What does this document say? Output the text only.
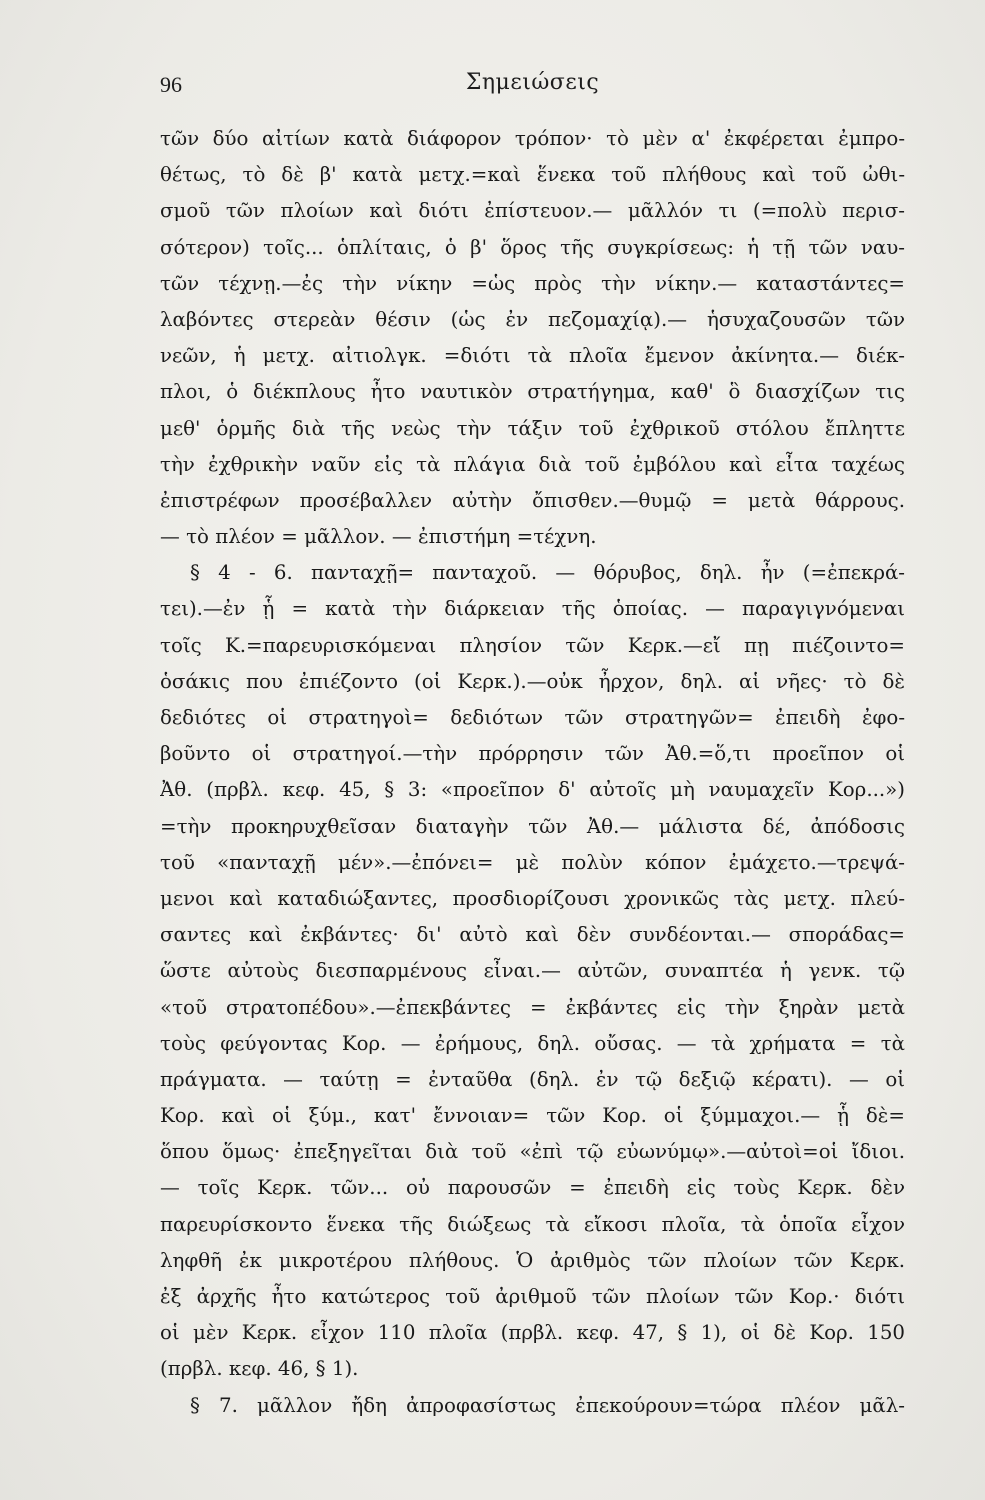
96	Σημειώσεις
τῶν δύο αἰτίων κατὰ διάφορον τρόπον· τὸ μὲν α' ἐκφέρεται ἐμπρο-
θέτως, τὸ δὲ β' κατὰ μετχ.=καὶ ἕνεκα τοῦ πλήθους καὶ τοῦ ὠθι-
σμοῦ τῶν πλοίων καὶ διότι ἐπίστευον.— μᾶλλόν τι (=πολὺ περισ-
σότερον) τοῖς... ὁπλίταις, ὁ β' ὅρος τῆς συγκρίσεως: ἡ τῇ τῶν ναυ-
τῶν τέχνῃ.—ἐς τὴν νίκην =ὡς πρὸς τὴν νίκην.— καταστάντες=
λαβόντες στερεὰν θέσιν (ὡς ἐν πεζομαχίᾳ).— ἡσυχαζουσῶν τῶν
νεῶν, ἡ μετχ. αἰτιολγκ. =διότι τὰ πλοῖα ἔμενον ἀκίνητα.— διέκ-
πλοι, ὁ διέκπλους ἦτο ναυτικὸν στρατήγημα, καθ' ὃ διασχίζων τις
μεθ' ὁρμῆς διὰ τῆς νεὼς τὴν τάξιν τοῦ ἐχθρικοῦ στόλου ἔπληττε
τὴν ἐχθρικὴν ναῦν εἰς τὰ πλάγια διὰ τοῦ ἐμβόλου καὶ εἶτα ταχέως
ἐπιστρέφων προσέβαλλεν αὐτὴν ὄπισθεν.—θυμῷ = μετὰ θάρρους.
— τὸ πλέον = μᾶλλον. — ἐπιστήμη =τέχνη.
§ 4 - 6. πανταχῇ= πανταχοῦ. — θόρυβος, δηλ. ἦν (=ἐπεκρά-
τει).—ἐν ᾗ = κατὰ τὴν διάρκειαν τῆς ὁποίας. — παραγιγνόμεναι
τοῖς Κ.=παρευρισκόμεναι πλησίον τῶν Κερκ.—εἴ πῃ πιέζοιντο=
ὁσάκις που ἐπιέζοντο (οἱ Κερκ.).—οὐκ ἦρχον, δηλ. αἱ νῆες· τὸ δὲ
δεδιότες οἱ στρατηγοὶ= δεδιότων τῶν στρατηγῶν= ἐπειδὴ ἐφο-
βοῦντο οἱ στρατηγοί.—τὴν πρόρρησιν τῶν Ἀθ.=ὅ,τι προεῖπον οἱ
Ἀθ. (πρβλ. κεφ. 45, § 3: «προεῖπον δ' αὐτοῖς μὴ ναυμαχεῖν Κορ...»)
=τὴν προκηρυχθεῖσαν διαταγὴν τῶν Ἀθ.— μάλιστα δέ, ἀπόδοσις
τοῦ «πανταχῇ μέν».—ἐπόνει= μὲ πολὺν κόπον ἐμάχετο.—τρεψά-
μενοι καὶ καταδιώξαντες, προσδιορίζουσι χρονικῶς τὰς μετχ. πλεύ-
σαντες καὶ ἐκβάντες· δι' αὐτὸ καὶ δὲν συνδέονται.— σποράδας=
ὥστε αὐτοὺς διεσπαρμένους εἶναι.— αὐτῶν, συναπτέα ἡ γενκ. τῷ
«τοῦ στρατοπέδου».—ἐπεκβάντες = ἐκβάντες εἰς τὴν ξηρὰν μετὰ
τοὺς φεύγοντας Κορ. — ἐρήμους, δηλ. οὔσας. — τὰ χρήματα = τὰ
πράγματα. — ταύτῃ = ἐνταῦθα (δηλ. ἐν τῷ δεξιῷ κέρατι). — οἱ
Κορ. καὶ οἱ ξύμ., κατ' ἔννοιαν= τῶν Κορ. οἱ ξύμμαχοι.— ᾗ δὲ=
ὅπου ὅμως· ἐπεξηγεῖται διὰ τοῦ «ἐπὶ τῷ εὐωνύμῳ».—αὐτοὶ=οἱ ἴδιοι.
— τοῖς Κερκ. τῶν... οὐ παρουσῶν = ἐπειδὴ εἰς τοὺς Κερκ. δὲν
παρευρίσκοντο ἕνεκα τῆς διώξεως τὰ εἴκοσι πλοῖα, τὰ ὁποῖα εἶχον
ληφθῆ ἐκ μικροτέρου πλήθους. Ὁ ἀριθμὸς τῶν πλοίων τῶν Κερκ.
ἐξ ἀρχῆς ἦτο κατώτερος τοῦ ἀριθμοῦ τῶν πλοίων τῶν Κορ.· διότι
οἱ μὲν Κερκ. εἶχον 110 πλοῖα (πρβλ. κεφ. 47, § 1), οἱ δὲ Κορ. 150
(πρβλ. κεφ. 46, § 1).
§ 7. μᾶλλον ἤδη ἀπροφασίστως ἐπεκούρουν=τώρα πλέον μᾶλ-
